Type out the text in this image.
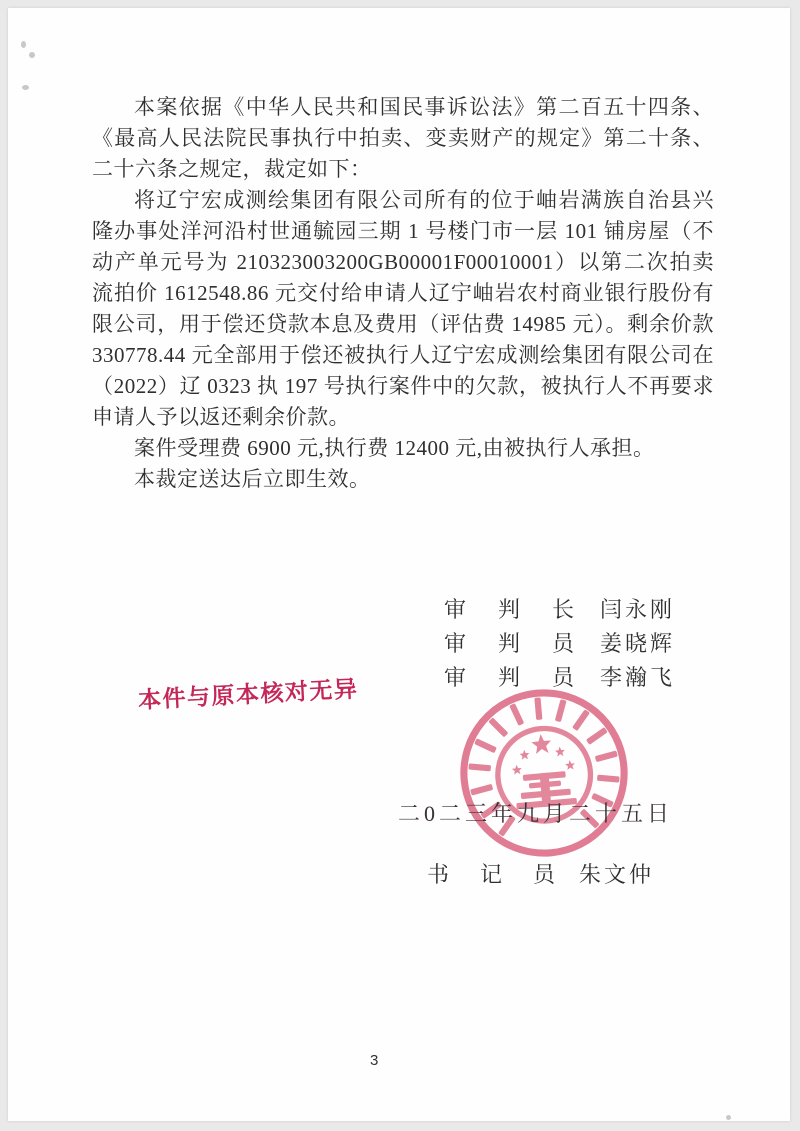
本案依据《中华人民共和国民事诉讼法》第二百五十四条、《最高人民法院民事执行中拍卖、变卖财产的规定》第二十条、二十六条之规定，裁定如下：

将辽宁宏成测绘集团有限公司所有的位于岫岩满族自治县兴隆办事处洋河沿村世通毓园三期 1 号楼门市一层 101 铺房屋（不动产单元号为 210323003200GB00001F00010001）以第二次拍卖流拍价 1612548.86 元交付给申请人辽宁岫岩农村商业银行股份有限公司，用于偿还贷款本息及费用（评估费 14985 元）。剩余价款 330778.44 元全部用于偿还被执行人辽宁宏成测绘集团有限公司在（2022）辽 0323 执 197 号执行案件中的欠款，被执行人不再要求申请人予以返还剩余价款。

案件受理费 6900 元,执行费 12400 元,由被执行人承担。

本裁定送达后立即生效。

本件与原本核对无异
审判长 闫永刚
审判员 姜晓辉
审判员 李瀚飞
二0二三年九月二十五日
书记员 朱文仲
3
